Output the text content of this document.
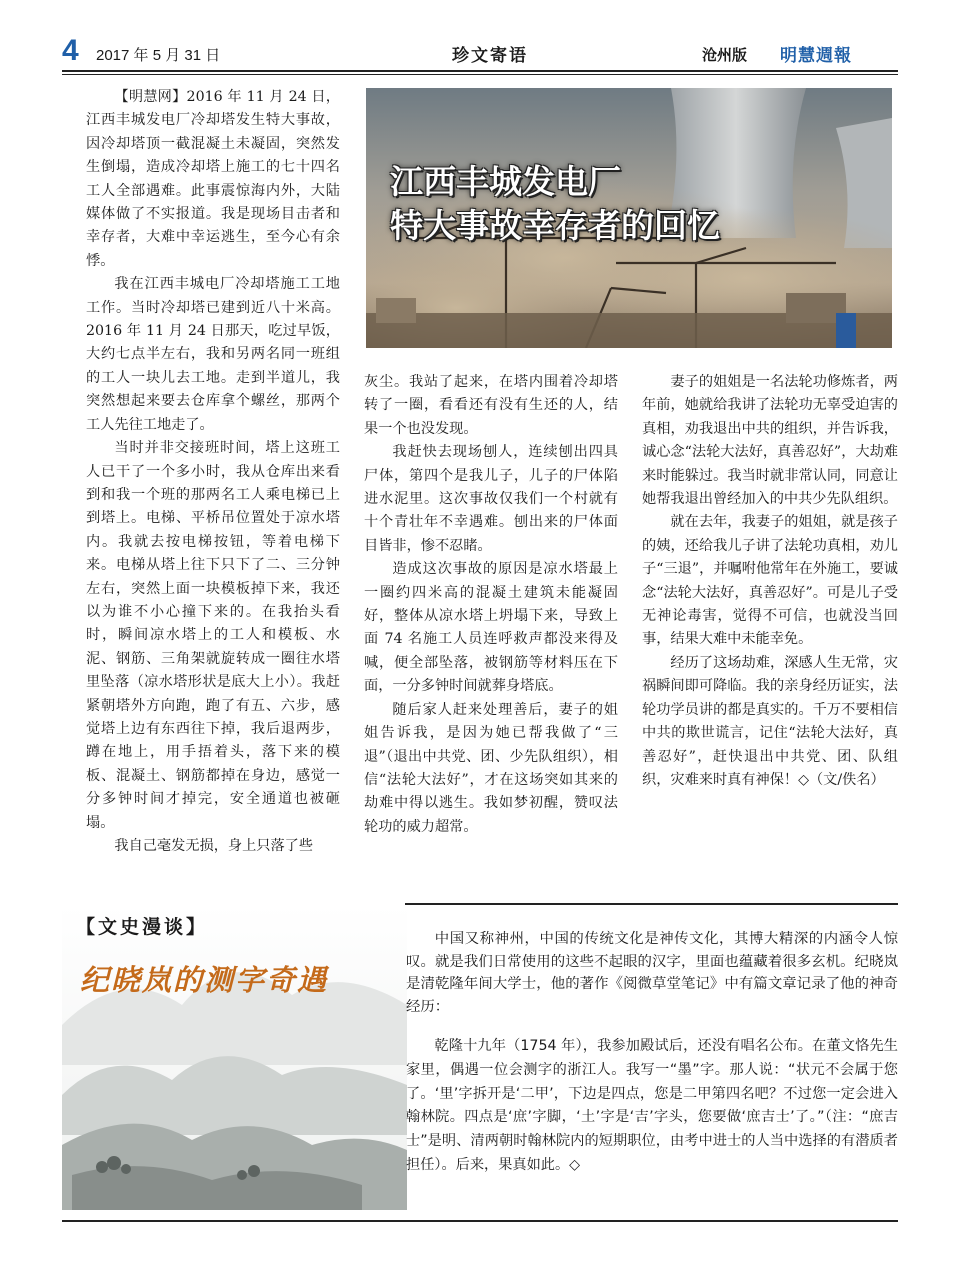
4 2017 年 5 月 31 日	珍文寄语	沧州版 明慧週報
江西丰城发电厂
特大事故幸存者的回忆

【明慧网】2016 年 11 月 24 日，江西丰城发电厂冷却塔发生特大事故，因冷却塔顶一截混凝土未凝固，突然发生倒塌，造成冷却塔上施工的七十四名工人全部遇难。此事震惊海内外，大陆媒体做了不实报道。我是现场目击者和幸存者，大难中幸运逃生，至今心有余悸。

我在江西丰城电厂冷却塔施工工地工作。当时冷却塔已建到近八十米高。2016 年 11 月 24 日那天，吃过早饭，大约七点半左右，我和另两名同一班组的工人一块儿去工地。走到半道儿，我突然想起来要去仓库拿个螺丝，那两个工人先往工地走了。

当时并非交接班时间，塔上这班工人已干了一个多小时，我从仓库出来看到和我一个班的那两名工人乘电梯已上到塔上。电梯、平桥吊位置处于凉水塔内。我就去按电梯按钮，等着电梯下来。电梯从塔上往下只下了二、三分钟左右，突然上面一块模板掉下来，我还以为谁不小心撞下来的。在我抬头看时，瞬间凉水塔上的工人和模板、水泥、钢筋、三角架就旋转成一圈往水塔里坠落（凉水塔形状是底大上小）。我赶紧朝塔外方向跑，跑了有五、六步，感觉塔上边有东西往下掉，我后退两步，蹲在地上，用手捂着头，落下来的模板、混凝土、钢筋都掉在身边，感觉一分多钟时间才掉完，安全通道也被砸塌。

我自己毫发无损，身上只落了些

灰尘。我站了起来，在塔内围着冷却塔转了一圈，看看还有没有生还的人，结果一个也没发现。

我赶快去现场刨人，连续刨出四具尸体，第四个是我儿子，儿子的尸体陷进水泥里。这次事故仅我们一个村就有十个青壮年不幸遇难。刨出来的尸体面目皆非，惨不忍睹。

造成这次事故的原因是凉水塔最上一圈约四米高的混凝土建筑未能凝固好，整体从凉水塔上坍塌下来，导致上面 74 名施工人员连呼救声都没来得及喊，便全部坠落，被钢筋等材料压在下面，一分多钟时间就葬身塔底。

随后家人赶来处理善后，妻子的姐姐告诉我，是因为她已帮我做了“三退”（退出中共党、团、少先队组织），相信“法轮大法好”，才在这场突如其来的劫难中得以逃生。我如梦初醒，赞叹法轮功的威力超常。

妻子的姐姐是一名法轮功修炼者，两年前，她就给我讲了法轮功无辜受迫害的真相，劝我退出中共的组织，并告诉我，诚心念“法轮大法好，真善忍好”，大劫难来时能躲过。我当时就非常认同，同意让她帮我退出曾经加入的中共少先队组织。

就在去年，我妻子的姐姐，就是孩子的姨，还给我儿子讲了法轮功真相，劝儿子“三退”，并嘱咐他常年在外施工，要诚念“法轮大法好，真善忍好”。可是儿子受无神论毒害，觉得不可信，也就没当回事，结果大难中未能幸免。

经历了这场劫难，深感人生无常，灾祸瞬间即可降临。我的亲身经历证实，法轮功学员讲的都是真实的。千万不要相信中共的欺世谎言，记住“法轮大法好，真善忍好”，赶快退出中共党、团、队组织，灾难来时真有神保！◇（文/佚名）

【文史漫谈】
纪晓岚的测字奇遇

中国又称神州，中国的传统文化是神传文化，其博大精深的内涵令人惊叹。就是我们日常使用的这些不起眼的汉字，里面也蕴藏着很多玄机。纪晓岚是清乾隆年间大学士，他的著作《阅微草堂笔记》中有篇文章记录了他的神奇经历：

乾隆十九年（1754 年），我参加殿试后，还没有唱名公布。在董文恪先生家里，偶遇一位会测字的浙江人。我写一“墨”字。那人说：“状元不会属于您了。‘里’字拆开是‘二甲’，下边是四点，您是二甲第四名吧？不过您一定会进入翰林院。四点是‘庶’字脚，‘土’字是‘吉’字头，您要做‘庶吉士’了。”（注：“庶吉士”是明、清两朝时翰林院内的短期职位，由考中进士的人当中选择的有潜质者担任）。后来，果真如此。◇
